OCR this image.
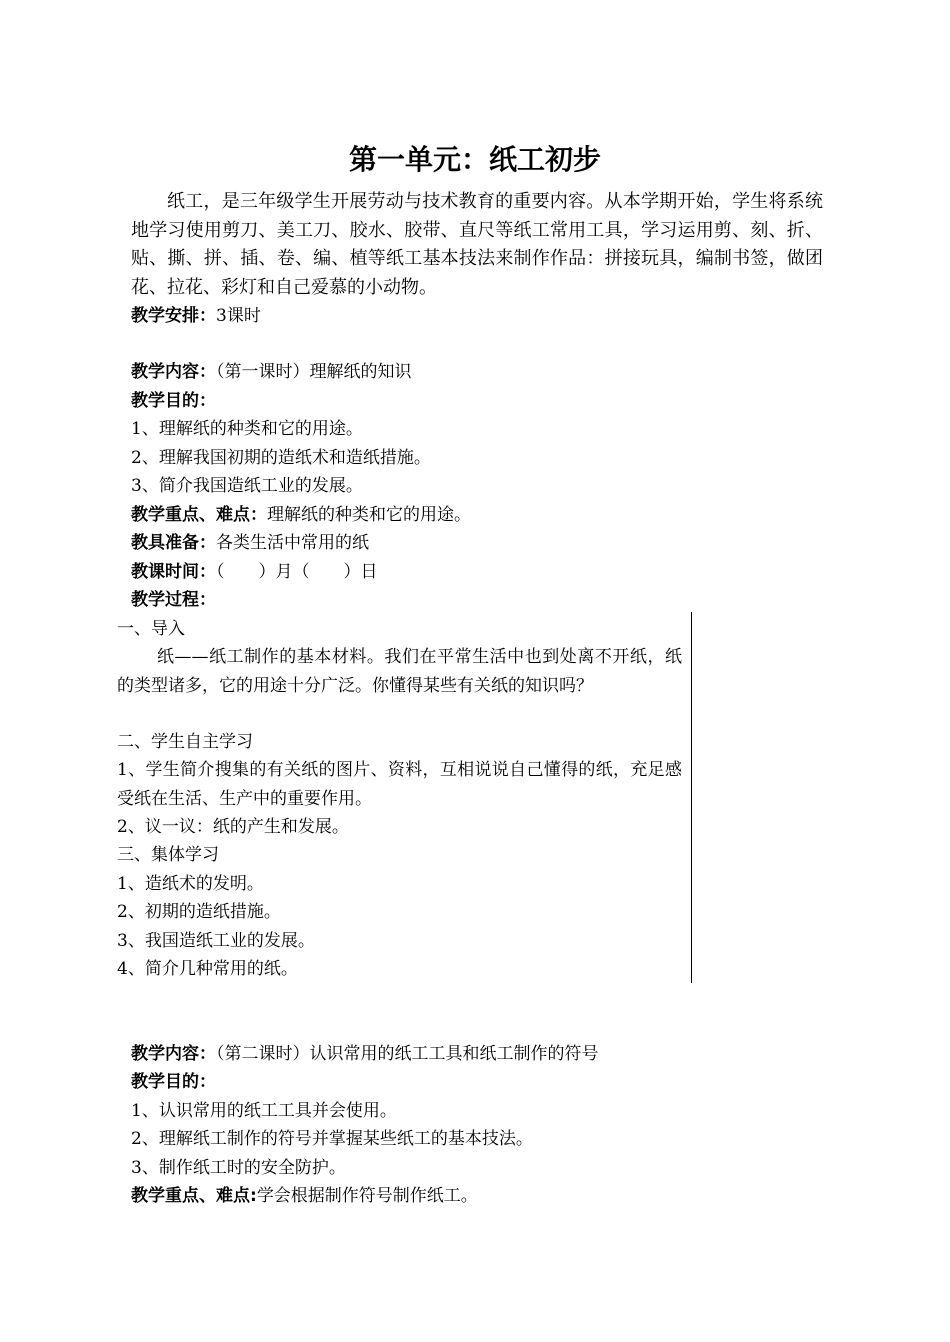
第一单元：纸工初步

纸工，是三年级学生开展劳动与技术教育的重要内容。从本学期开始，学生将系统地学习使用剪刀、美工刀、胶水、胶带、直尺等纸工常用工具，学习运用剪、刻、折、贴、撕、拼、插、卷、编、植等纸工基本技法来制作作品：拼接玩具，编制书签，做团花、拉花、彩灯和自己爱慕的小动物。

教学安排：3课时

教学内容：（第一课时）理解纸的知识

教学目的：

1、理解纸的种类和它的用途。

2、理解我国初期的造纸术和造纸措施。

3、简介我国造纸工业的发展。

教学重点、难点：理解纸的种类和它的用途。

教具准备：各类生活中常用的纸

教课时间：（　　）月（　　）日

教学过程：

一、导入

纸——纸工制作的基本材料。我们在平常生活中也到处离不开纸，纸的类型诸多，它的用途十分广泛。你懂得某些有关纸的知识吗？

二、学生自主学习

1、学生简介搜集的有关纸的图片、资料，互相说说自己懂得的纸，充足感受纸在生活、生产中的重要作用。

2、议一议：纸的产生和发展。

三、集体学习

1、造纸术的发明。

2、初期的造纸措施。

3、我国造纸工业的发展。

4、简介几种常用的纸。

教学内容：（第二课时）认识常用的纸工工具和纸工制作的符号

教学目的：

1、认识常用的纸工工具并会使用。

2、理解纸工制作的符号并掌握某些纸工的基本技法。

3、制作纸工时的安全防护。

教学重点、难点:学会根据制作符号制作纸工。
